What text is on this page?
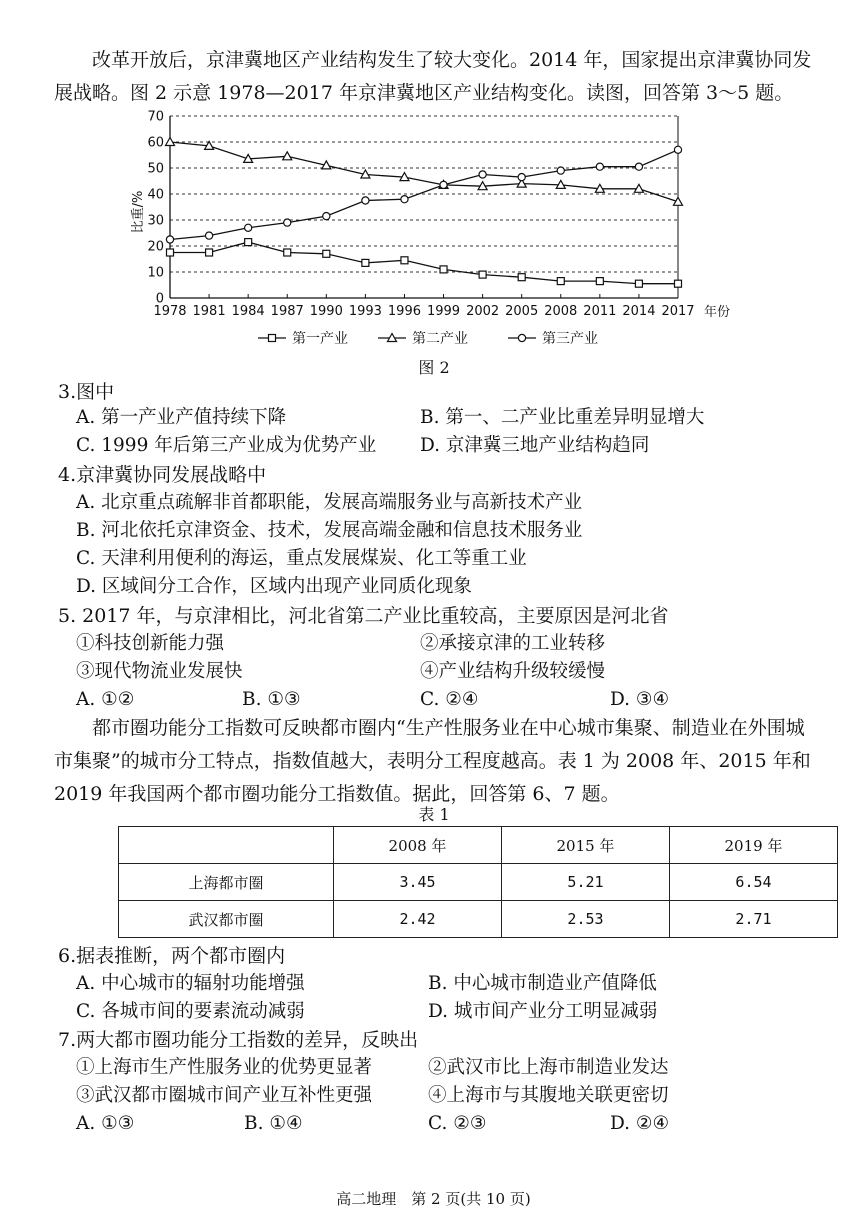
改革开放后，京津冀地区产业结构发生了较大变化。2014 年，国家提出京津冀协同发展战略。图 2 示意 1978—2017 年京津冀地区产业结构变化。读图，回答第 3～5 题。
0
10
20
30
40
50
60
70
1978 1981 1984 1987 1990 1993 1996 1999 2002 2005 2008 2011 2014 2017
第一产业	第二产业	第三产业
比重/%
年份
图 2
3.图中
A. 第一产业产值持续下降	B. 第一、二产业比重差异明显增大
C. 1999 年后第三产业成为优势产业 D. 京津冀三地产业结构趋同
4.京津冀协同发展战略中
A. 北京重点疏解非首都职能，发展高端服务业与高新技术产业
B. 河北依托京津资金、技术，发展高端金融和信息技术服务业
C. 天津利用便利的海运，重点发展煤炭、化工等重工业
D. 区域间分工合作，区域内出现产业同质化现象
5. 2017 年，与京津相比，河北省第二产业比重较高，主要原因是河北省
①科技创新能力强	②承接京津的工业转移
③现代物流业发展快	④产业结构升级较缓慢
A. ①②	B. ①③	C. ②④	D. ③④
都市圈功能分工指数可反映都市圈内“生产性服务业在中心城市集聚、制造业在外围城市集聚”的城市分工特点，指数值越大，表明分工程度越高。表 1 为 2008 年、2015 年和 2019 年我国两个都市圈功能分工指数值。据此，回答第 6、7 题。
表 1
	2008 年	2015 年	2019 年
上海都市圈	3.45	5.21	6.54
武汉都市圈	2.42	2.53	2.71
6.据表推断，两个都市圈内
A. 中心城市的辐射功能增强	B. 中心城市制造业产值降低
C. 各城市间的要素流动减弱	D. 城市间产业分工明显减弱
7.两大都市圈功能分工指数的差异，反映出
①上海市生产性服务业的优势更显著	②武汉市比上海市制造业发达
③武汉都市圈城市间产业互补性更强	④上海市与其腹地关联更密切
A. ①③	B. ①④	C. ②③	D. ②④
高二地理　第 2 页(共 10 页)
